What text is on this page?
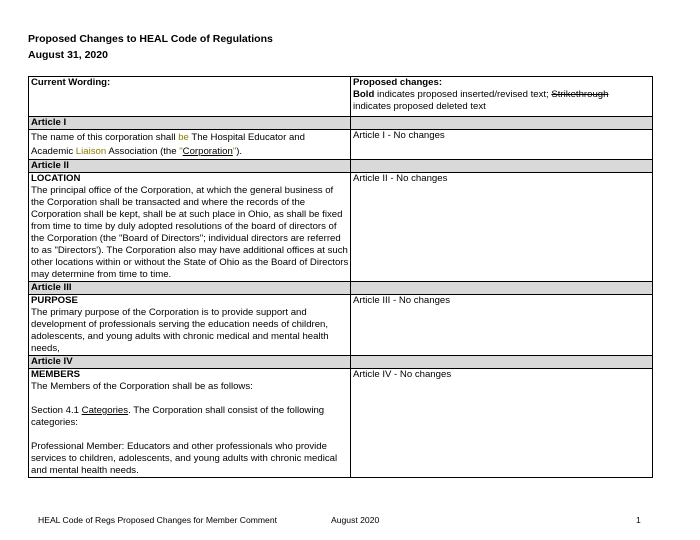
Proposed Changes to HEAL Code of Regulations
August 31, 2020
Current Wording:	Proposed changes:
Bold indicates proposed inserted/revised text; Strikethrough
indicates proposed deleted text
Article I	
The name of this corporation shall be The Hospital Educator and Academic Liaison Association (the "Corporation").	Article I - No changes
Article II	

LOCATION
The principal office of the Corporation, at which the general business of the Corporation shall be transacted and where the records of the Corporation shall be kept, shall be at such place in Ohio, as shall be fixed from time to time by duly adopted resolutions of the board of directors of the Corporation (the "Board of Directors"; individual directors are referred to as "Directors'). The Corporation also may have additional offices at such other locations within or without the State of Ohio as the Board of Directors may determine from time to time.	Article II - No changes
Article III	

PURPOSE
The primary purpose of the Corporation is to provide support and development of professionals serving the education needs of children, adolescents, and young adults with chronic medical and mental health needs,	Article III - No changes
Article IV	

MEMBERS
The Members of the Corporation shall be as follows:
Section 4.1 Categories. The Corporation shall consist of the following categories:
Professional Member: Educators and other professionals who provide services to children, adolescents, and young adults with chronic medical and mental health needs.	Article IV - No changes
HEAL Code of Regs Proposed Changes for Member Comment	August 2020	1
